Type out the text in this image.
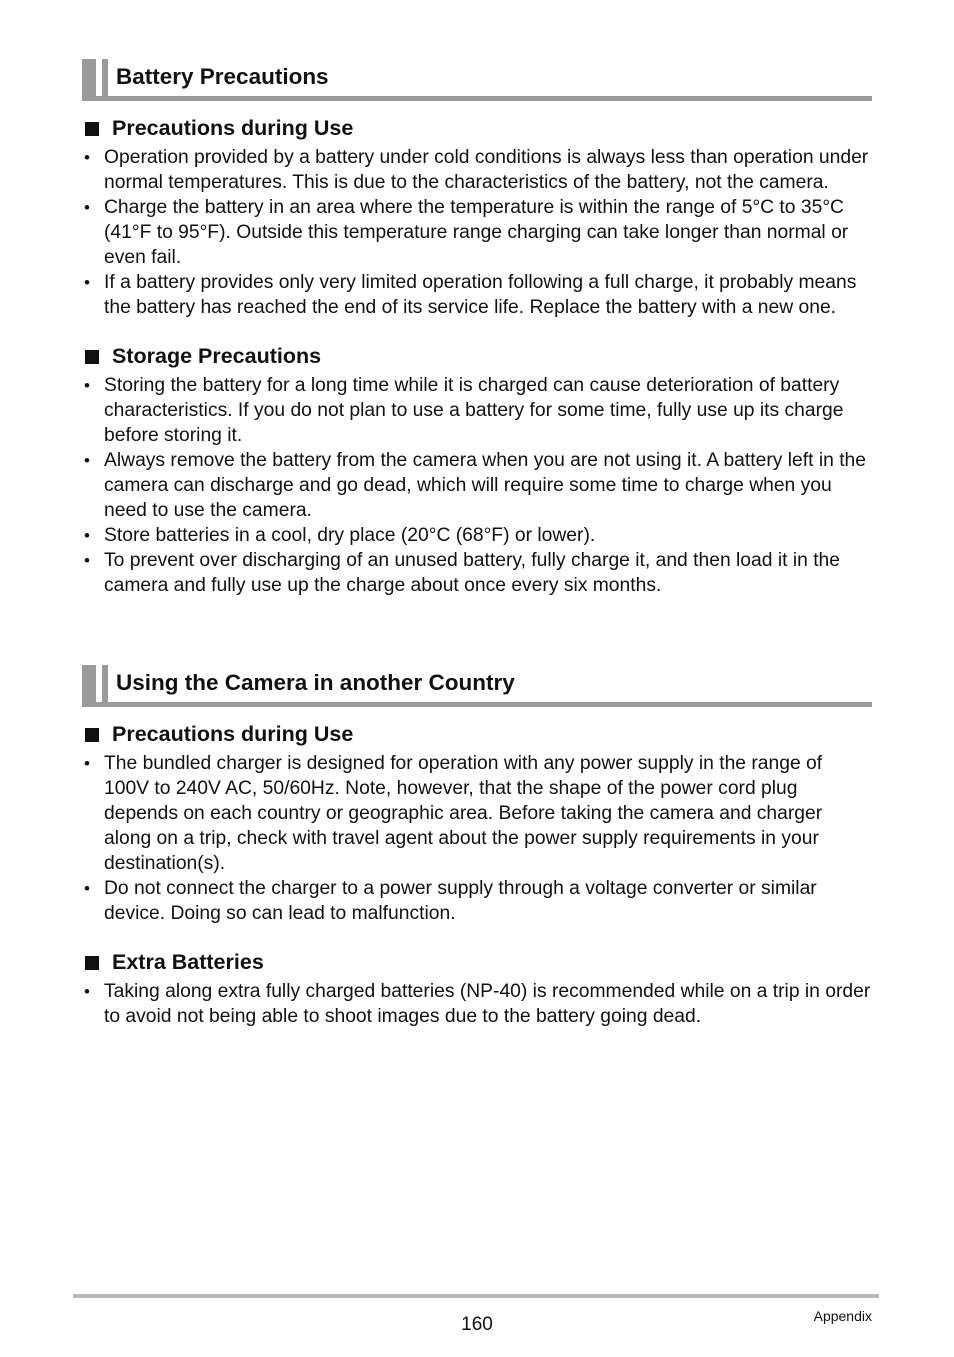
Battery Precautions
Precautions during Use
• Operation provided by a battery under cold conditions is always less than operation under normal temperatures. This is due to the characteristics of the battery, not the camera.
• Charge the battery in an area where the temperature is within the range of 5°C to 35°C (41°F to 95°F). Outside this temperature range charging can take longer than normal or even fail.
• If a battery provides only very limited operation following a full charge, it probably means the battery has reached the end of its service life. Replace the battery with a new one.
Storage Precautions
• Storing the battery for a long time while it is charged can cause deterioration of battery characteristics. If you do not plan to use a battery for some time, fully use up its charge before storing it.
• Always remove the battery from the camera when you are not using it. A battery left in the camera can discharge and go dead, which will require some time to charge when you need to use the camera.
• Store batteries in a cool, dry place (20°C (68°F) or lower).
• To prevent over discharging of an unused battery, fully charge it, and then load it in the camera and fully use up the charge about once every six months.
Using the Camera in another Country
Precautions during Use
• The bundled charger is designed for operation with any power supply in the range of 100V to 240V AC, 50/60Hz. Note, however, that the shape of the power cord plug depends on each country or geographic area. Before taking the camera and charger along on a trip, check with travel agent about the power supply requirements in your destination(s).
• Do not connect the charger to a power supply through a voltage converter or similar device. Doing so can lead to malfunction.
Extra Batteries
• Taking along extra fully charged batteries (NP-40) is recommended while on a trip in order to avoid not being able to shoot images due to the battery going dead.
160	Appendix
